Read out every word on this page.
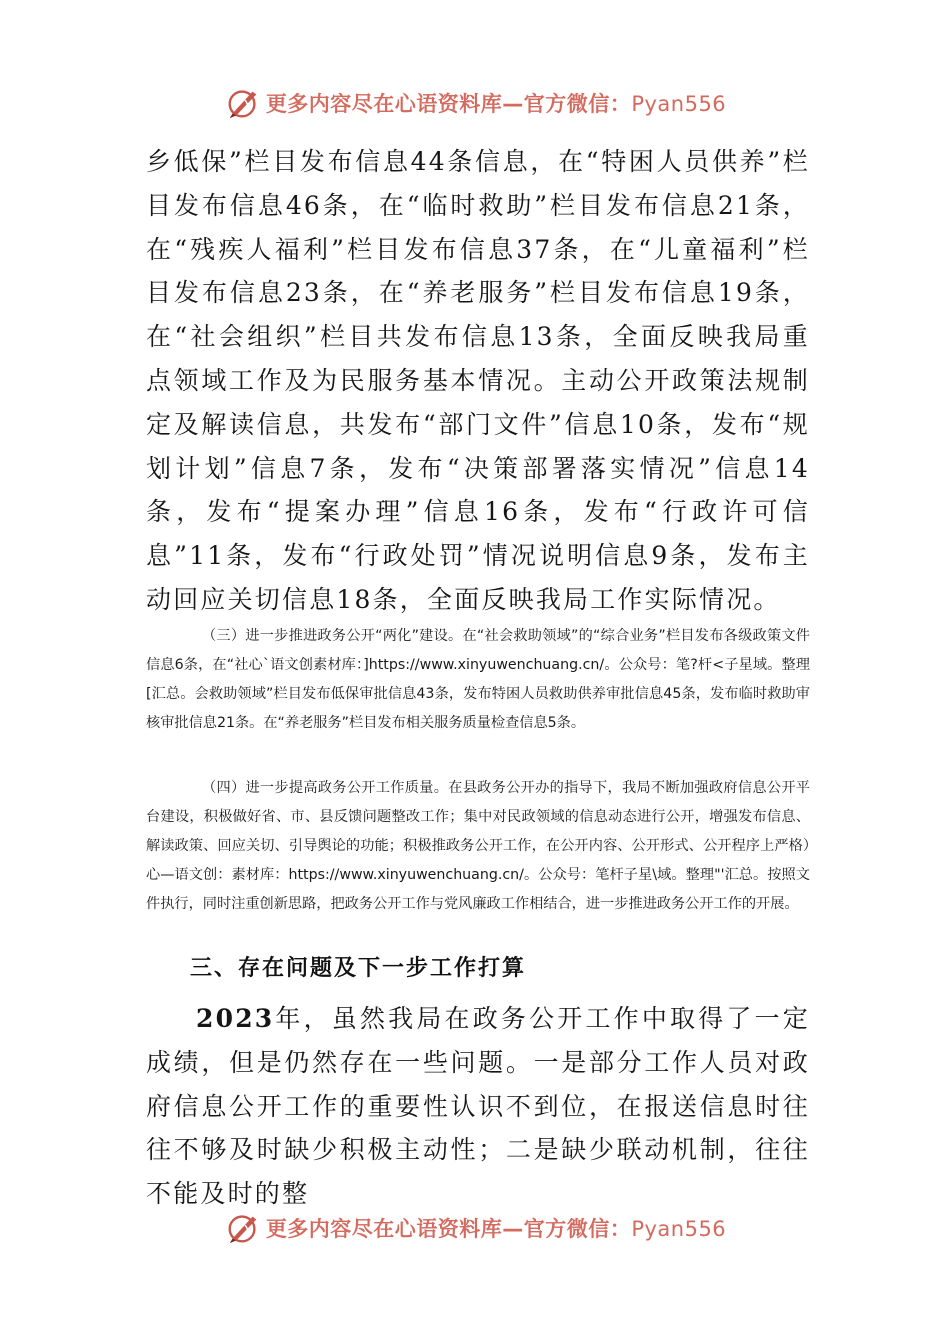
更多内容尽在心语资料库—官方微信：Pyan556

乡低保”栏目发布信息44条信息，在“特困人员供养”栏目发布信息46条，在“临时救助”栏目发布信息21条，在“残疾人福利”栏目发布信息37条，在“儿童福利”栏目发布信息23条，在“养老服务”栏目发布信息19条，在“社会组织”栏目共发布信息13条，全面反映我局重点领域工作及为民服务基本情况。主动公开政策法规制定及解读信息，共发布“部门文件”信息10条，发布“规划计划”信息7条，发布“决策部署落实情况”信息14条，发布“提案办理”信息16条，发布“行政许可信息”11条，发布“行政处罚”情况说明信息9条，发布主动回应关切信息18条，全面反映我局工作实际情况。

（三）进一步推进政务公开“两化”建设。在“社会救助领域”的“综合业务”栏目发布各级政策文件信息6条，在“社心`语文创素材库：]https://www.xinyuwenchuang.cn/。公众号：笔?杆<子星域。整理[汇总。会救助领域”栏目发布低保审批信息43条，发布特困人员救助供养审批信息45条，发布临时救助审核审批信息21条。在“养老服务”栏目发布相关服务质量检查信息5条。

（四）进一步提高政务公开工作质量。在县政务公开办的指导下，我局不断加强政府信息公开平台建设，积极做好省、市、县反馈问题整改工作；集中对民政领域的信息动态进行公开，增强发布信息、解读政策、回应关切、引导舆论的功能；积极推政务公开工作，在公开内容、公开形式、公开程序上严格）心—语文创：素材库：https://www.xinyuwenchuang.cn/。公众号：笔杆子星\域。整理"'汇总。按照文件执行，同时注重创新思路，把政务公开工作与党风廉政工作相结合，进一步推进政务公开工作的开展。

三、存在问题及下一步工作打算

2023年，虽然我局在政务公开工作中取得了一定成绩，但是仍然存在一些问题。一是部分工作人员对政府信息公开工作的重要性认识不到位，在报送信息时往往不够及时缺少积极主动性；二是缺少联动机制，往往不能及时的整

更多内容尽在心语资料库—官方微信：Pyan556
